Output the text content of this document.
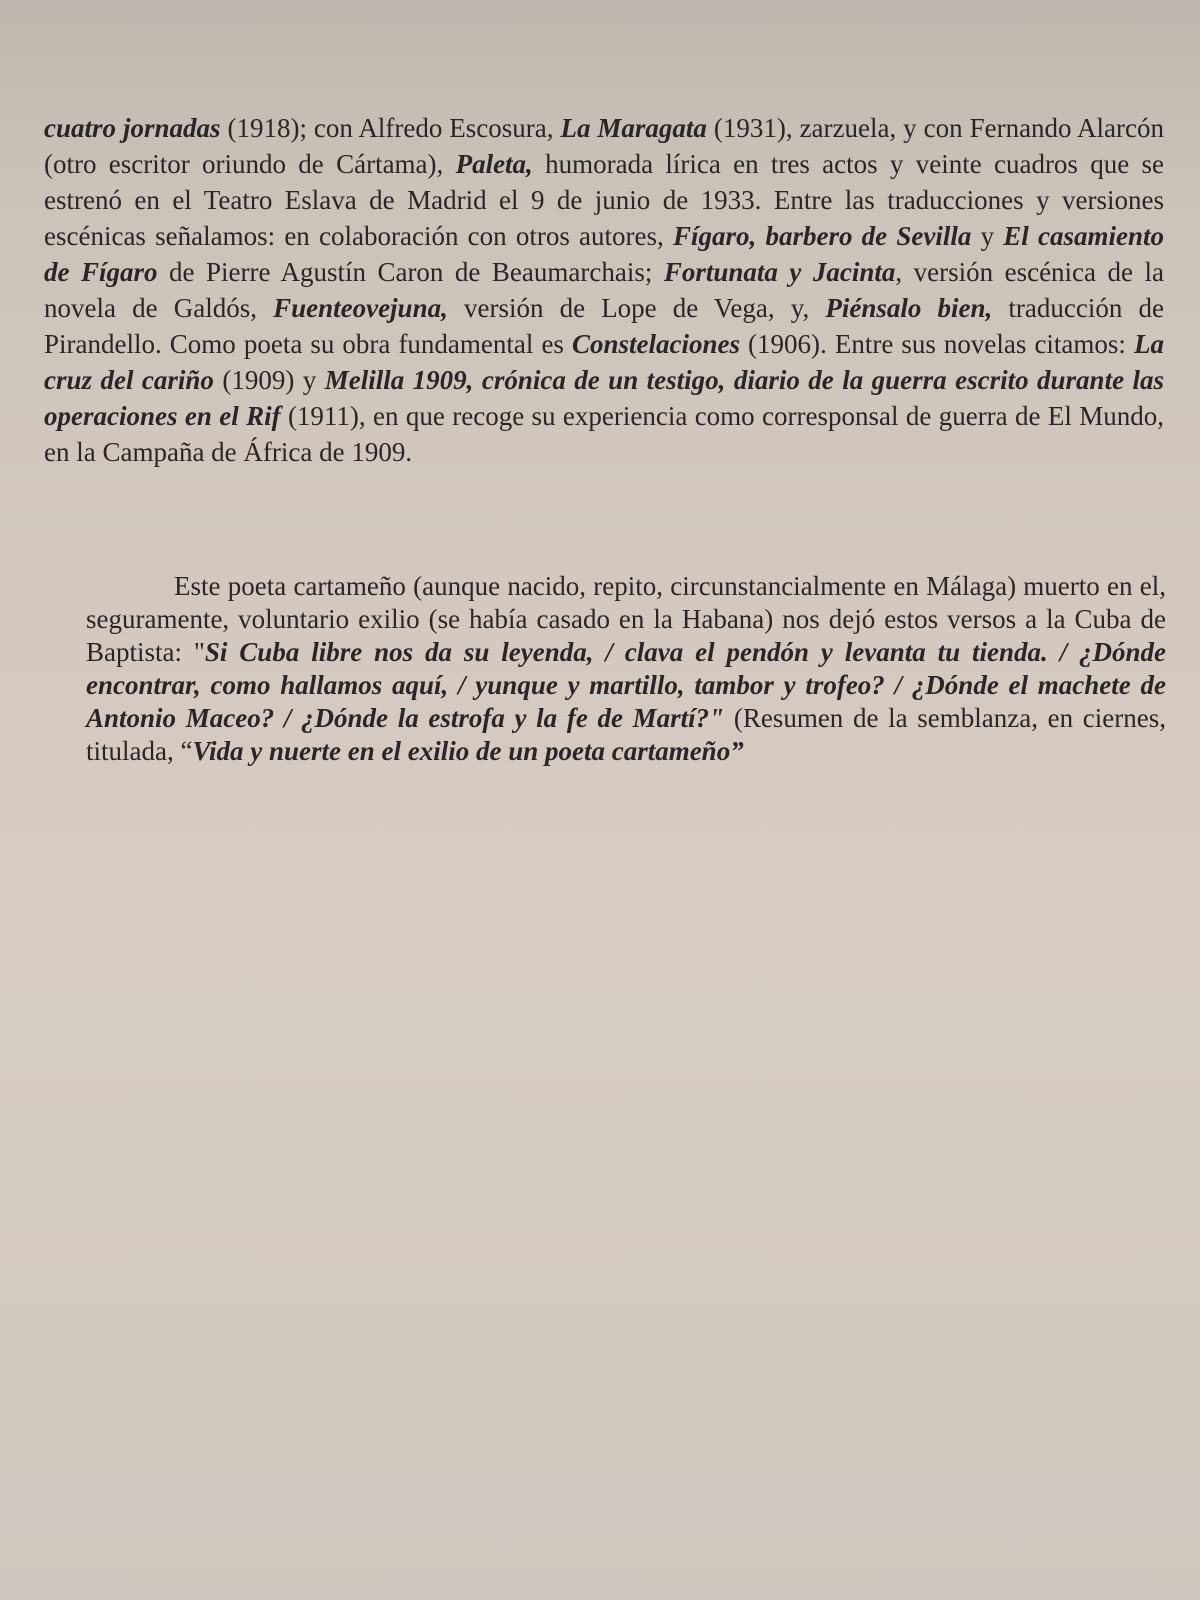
cuatro jornadas (1918); con Alfredo Escosura, La Maragata (1931), zarzuela, y con Fernando Alarcón (otro escritor oriundo de Cártama), Paleta, humorada lírica en tres actos y veinte cuadros que se estrenó en el Teatro Eslava de Madrid el 9 de junio de 1933. Entre las traducciones y versiones escénicas señalamos: en colaboración con otros autores, Fígaro, barbero de Sevilla y El casamiento de Fígaro de Pierre Agustín Caron de Beaumarchais; Fortunata y Jacinta, versión escénica de la novela de Galdós, Fuenteovejuna, versión de Lope de Vega, y, Piénsalo bien, traducción de Pirandello. Como poeta su obra fundamental es Constelaciones (1906). Entre sus novelas citamos: La cruz del cariño (1909) y Melilla 1909, crónica de un testigo, diario de la guerra escrito durante las operaciones en el Rif (1911), en que recoge su experiencia como corresponsal de guerra de El Mundo, en la Campaña de África de 1909.

Este poeta cartameño (aunque nacido, repito, circunstancialmente en Málaga) muerto en el, seguramente, voluntario exilio (se había casado en la Habana) nos dejó estos versos a la Cuba de Baptista: "Si Cuba libre nos da su leyenda, / clava el pendón y levanta tu tienda. / ¿Dónde encontrar, como hallamos aquí, / yunque y martillo, tambor y trofeo? / ¿Dónde el machete de Antonio Maceo? / ¿Dónde la estrofa y la fe de Martí?" (Resumen de la semblanza, en ciernes, titulada, “Vida y nuerte en el exilio de un poeta cartameño”
